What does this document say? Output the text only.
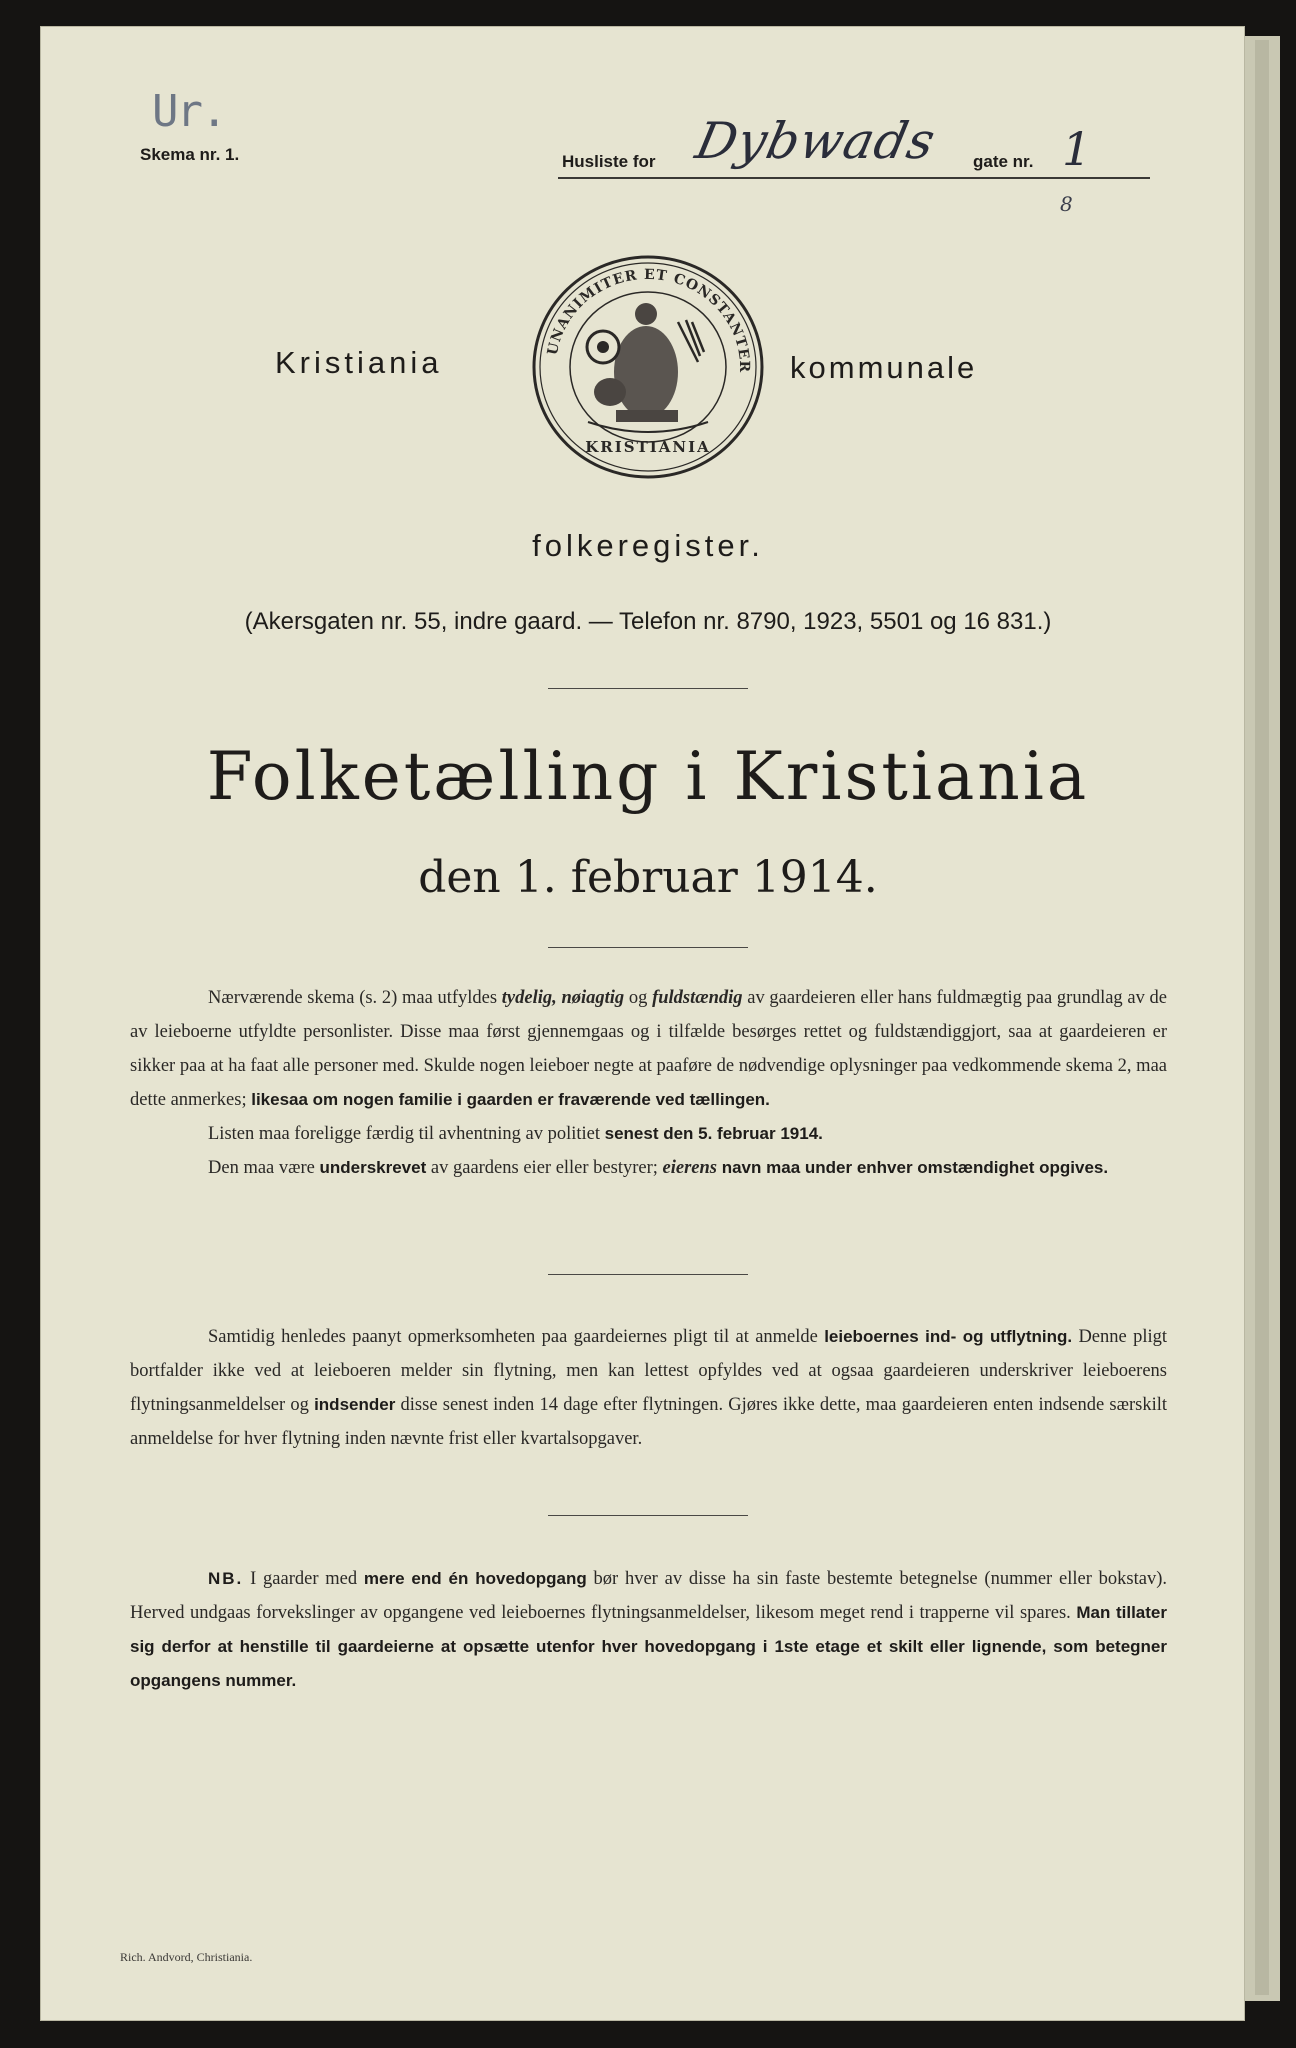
Ur.
Skema nr. 1.	Husliste for Dybwads gate nr. 1
8
Kristiania	UNANIMITER ET CONSTANTER
KRISTIANIA
kommunale
folkeregister.
(Akersgaten nr. 55, indre gaard. — Telefon nr. 8790, 1923, 5501 og 16 831.)
Folketælling i Kristiania
den 1. februar 1914.

Nærværende skema (s. 2) maa utfyldes tydelig, nøiagtig og fuldstændig av gaardeieren eller hans fuldmægtig paa grundlag av de av leieboerne utfyldte personlister. Disse maa først gjennemgaas og i tilfælde besørges rettet og fuldstændiggjort, saa at gaardeieren er sikker paa at ha faat alle personer med. Skulde nogen leieboer negte at paaføre de nødvendige oplysninger paa vedkommende skema 2, maa dette anmerkes; likesaa om nogen familie i gaarden er fraværende ved tællingen.

Listen maa foreligge færdig til avhentning av politiet senest den 5. februar 1914.

Den maa være underskrevet av gaardens eier eller bestyrer; eierens navn maa under enhver omstændighet opgives.

Samtidig henledes paanyt opmerksomheten paa gaardeiernes pligt til at anmelde leieboernes ind- og utflytning. Denne pligt bortfalder ikke ved at leieboeren melder sin flytning, men kan lettest opfyldes ved at ogsaa gaardeieren underskriver leieboerens flytningsanmeldelser og indsender disse senest inden 14 dage efter flytningen. Gjøres ikke dette, maa gaardeieren enten indsende særskilt anmeldelse for hver flytning inden nævnte frist eller kvartalsopgaver.

NB. I gaarder med mere end én hovedopgang bør hver av disse ha sin faste bestemte betegnelse (nummer eller bokstav). Herved undgaas forvekslinger av opgangene ved leieboernes flytningsanmeldelser, likesom meget rend i trapperne vil spares. Man tillater sig derfor at henstille til gaardeierne at opsætte utenfor hver hovedopgang i 1ste etage et skilt eller lignende, som betegner opgangens nummer.

Rich. Andvord, Christiania.
